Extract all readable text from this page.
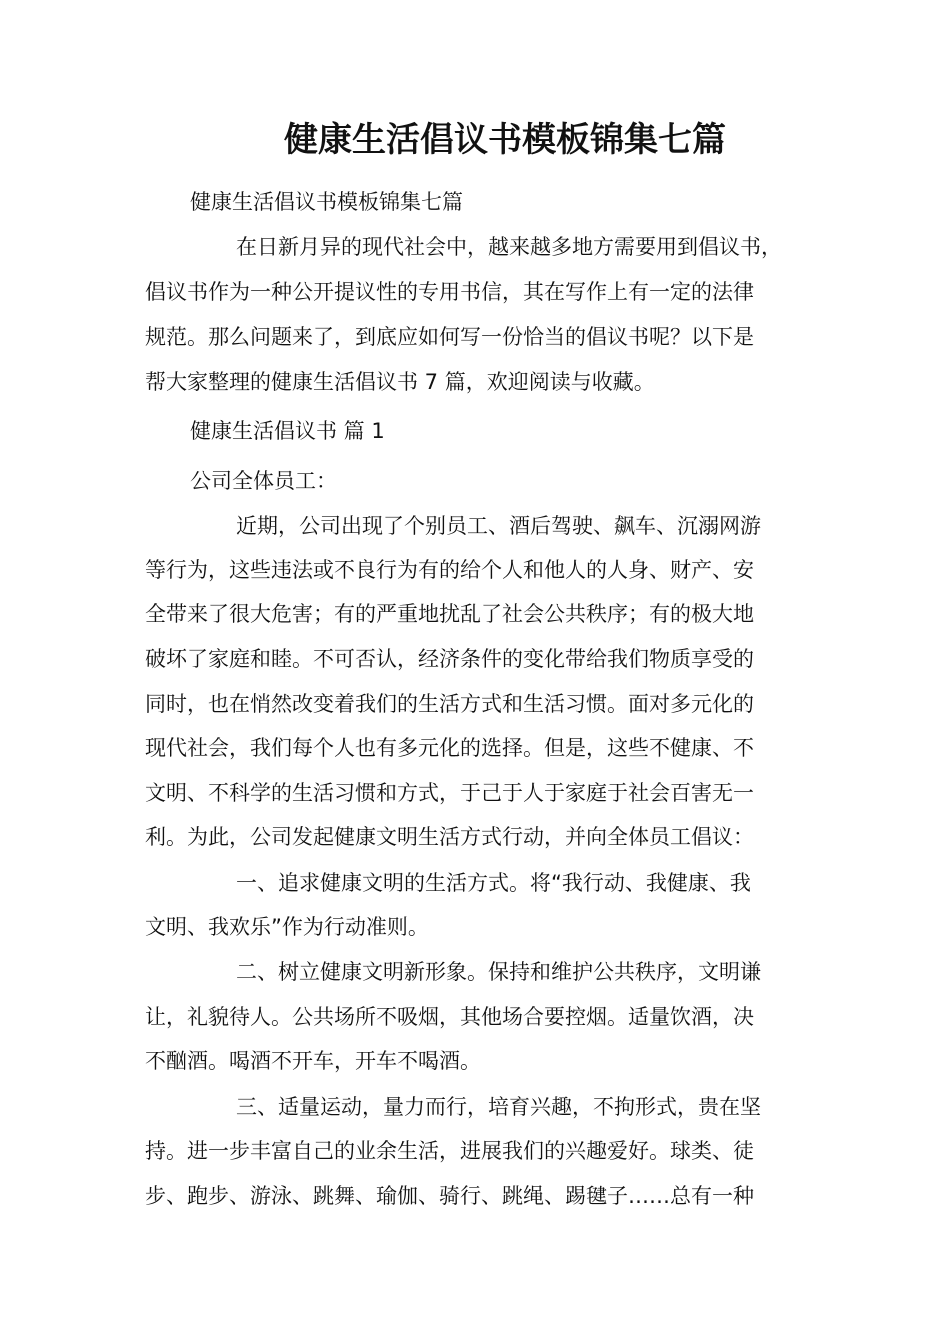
健康生活倡议书模板锦集七篇

健康生活倡议书模板锦集七篇

在日新月异的现代社会中，越来越多地方需要用到倡议书，

倡议书作为一种公开提议性的专用书信，其在写作上有一定的法律

规范。那么问题来了，到底应如何写一份恰当的倡议书呢？以下是

帮大家整理的健康生活倡议书 7 篇，欢迎阅读与收藏。

健康生活倡议书 篇 1

公司全体员工：

近期，公司出现了个别员工、酒后驾驶、飙车、沉溺网游

等行为，这些违法或不良行为有的给个人和他人的人身、财产、安

全带来了很大危害；有的严重地扰乱了社会公共秩序；有的极大地

破坏了家庭和睦。不可否认，经济条件的变化带给我们物质享受的

同时，也在悄然改变着我们的生活方式和生活习惯。面对多元化的

现代社会，我们每个人也有多元化的选择。但是，这些不健康、不

文明、不科学的生活习惯和方式，于己于人于家庭于社会百害无一

利。为此，公司发起健康文明生活方式行动，并向全体员工倡议：

一、追求健康文明的生活方式。将“我行动、我健康、我

文明、我欢乐”作为行动准则。

二、树立健康文明新形象。保持和维护公共秩序，文明谦

让，礼貌待人。公共场所不吸烟，其他场合要控烟。适量饮酒，决

不酗酒。喝酒不开车，开车不喝酒。

三、适量运动，量力而行，培育兴趣，不拘形式，贵在坚

持。进一步丰富自己的业余生活，进展我们的兴趣爱好。球类、徒

步、跑步、游泳、跳舞、瑜伽、骑行、跳绳、踢毽子……总有一种
